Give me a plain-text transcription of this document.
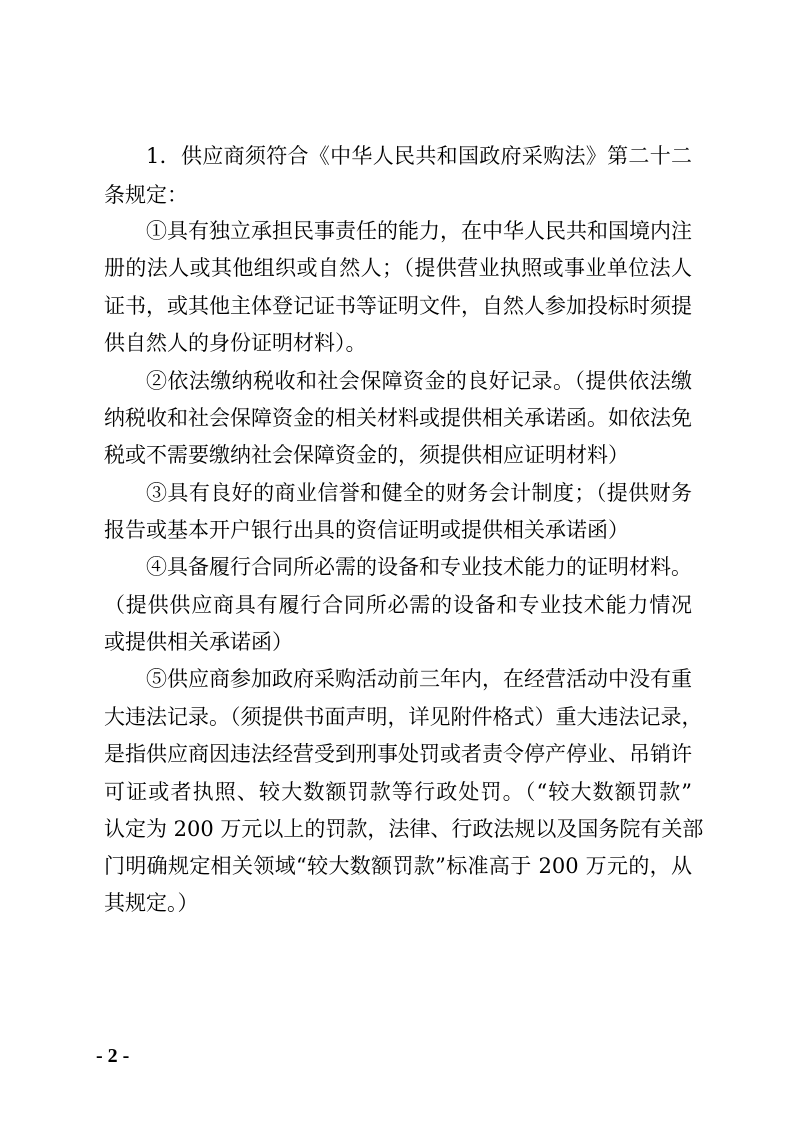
1．供应商须符合《中华人民共和国政府采购法》第二十二
条规定：
①具有独立承担民事责任的能力，在中华人民共和国境内注
册的法人或其他组织或自然人；（提供营业执照或事业单位法人
证书，或其他主体登记证书等证明文件，自然人参加投标时须提
供自然人的身份证明材料）。
②依法缴纳税收和社会保障资金的良好记录。（提供依法缴
纳税收和社会保障资金的相关材料或提供相关承诺函。如依法免
税或不需要缴纳社会保障资金的，须提供相应证明材料）
③具有良好的商业信誉和健全的财务会计制度；（提供财务
报告或基本开户银行出具的资信证明或提供相关承诺函）
④具备履行合同所必需的设备和专业技术能力的证明材料。
（提供供应商具有履行合同所必需的设备和专业技术能力情况
或提供相关承诺函）
⑤供应商参加政府采购活动前三年内，在经营活动中没有重
大违法记录。（须提供书面声明，详见附件格式）重大违法记录，
是指供应商因违法经营受到刑事处罚或者责令停产停业、吊销许
可证或者执照、较大数额罚款等行政处罚。（“较大数额罚款”
认定为 200 万元以上的罚款，法律、行政法规以及国务院有关部
门明确规定相关领域“较大数额罚款”标准高于 200 万元的，从
其规定。）
- 2 -
